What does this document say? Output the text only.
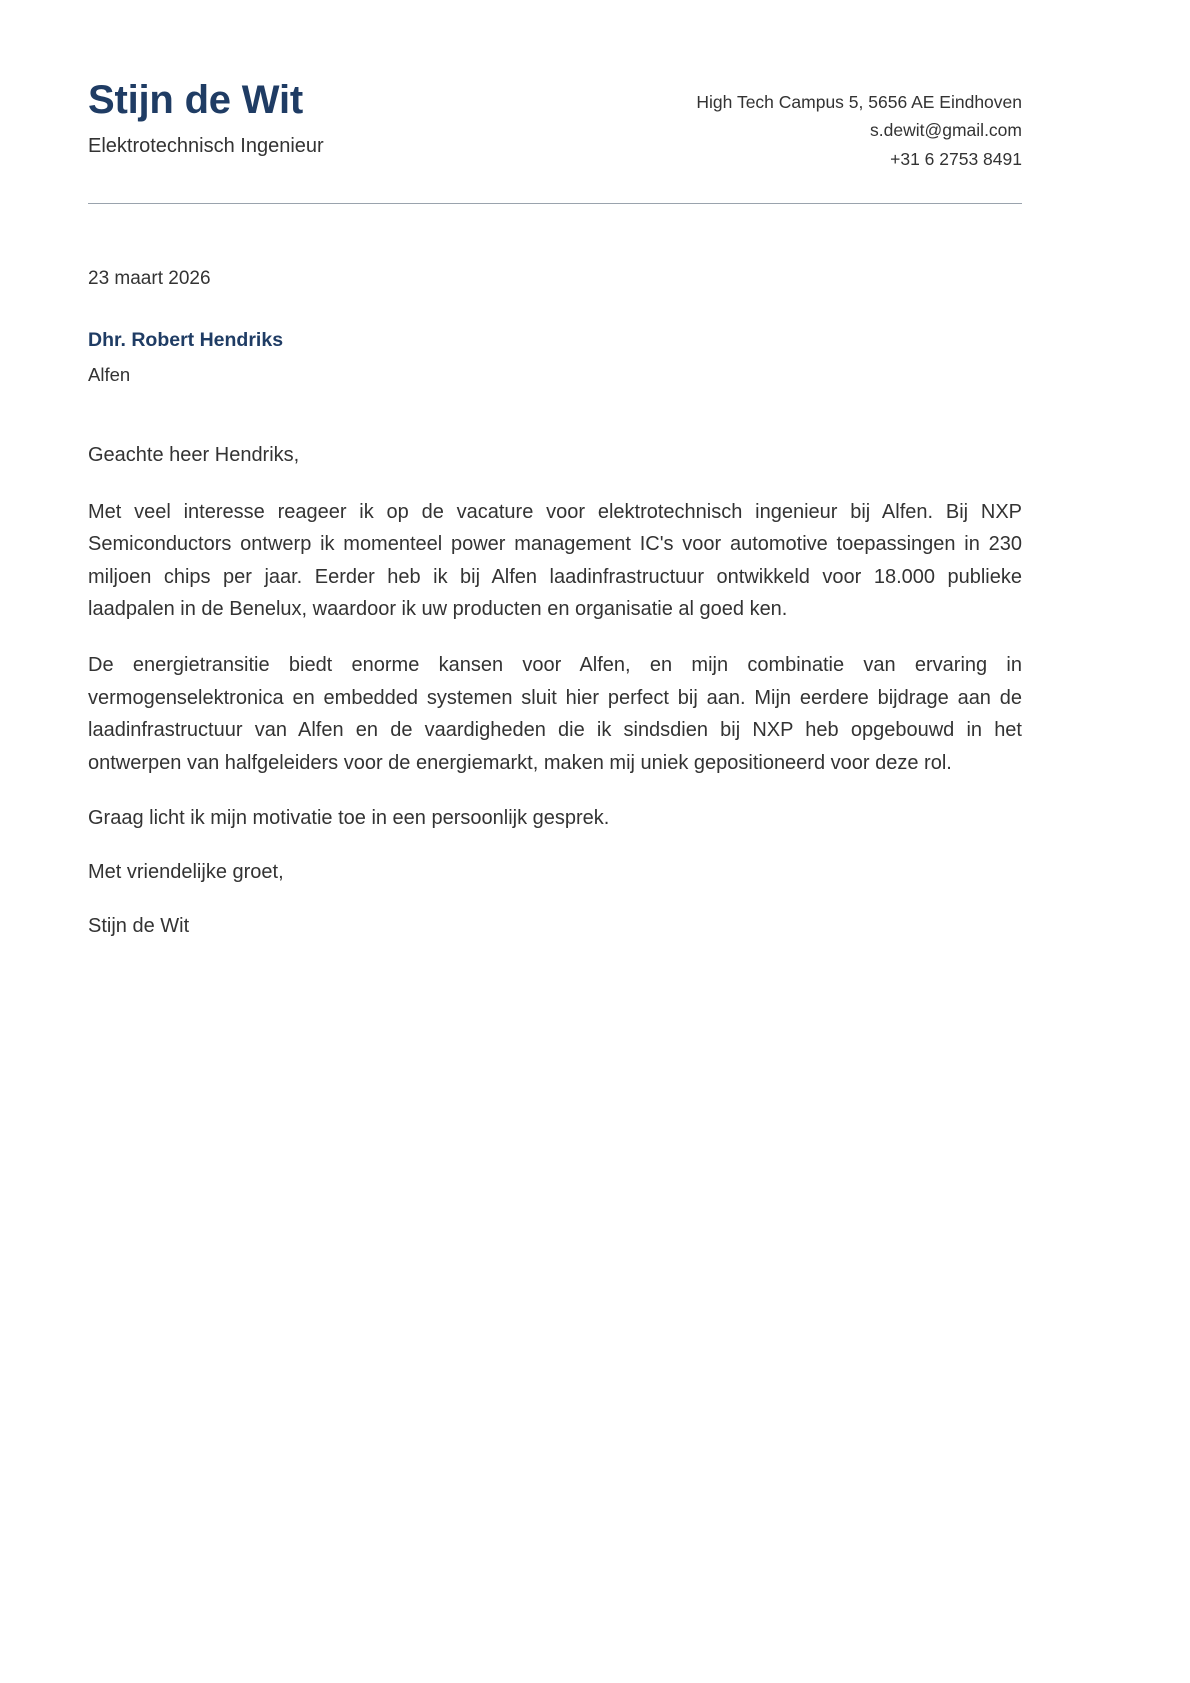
Stijn de Wit
Elektrotechnisch Ingenieur
High Tech Campus 5, 5656 AE Eindhoven
s.dewit@gmail.com
+31 6 2753 8491
23 maart 2026
Dhr. Robert Hendriks
Alfen

Geachte heer Hendriks,

Met veel interesse reageer ik op de vacature voor elektrotechnisch ingenieur bij Alfen. Bij NXP Semiconductors ontwerp ik momenteel power management IC's voor automotive toepassingen in 230 miljoen chips per jaar. Eerder heb ik bij Alfen laadinfrastructuur ontwikkeld voor 18.000 publieke laadpalen in de Benelux, waardoor ik uw producten en organisatie al goed ken.

De energietransitie biedt enorme kansen voor Alfen, en mijn combinatie van ervaring in vermogenselektronica en embedded systemen sluit hier perfect bij aan. Mijn eerdere bijdrage aan de laadinfrastructuur van Alfen en de vaardigheden die ik sindsdien bij NXP heb opgebouwd in het ontwerpen van halfgeleiders voor de energiemarkt, maken mij uniek gepositioneerd voor deze rol.

Graag licht ik mijn motivatie toe in een persoonlijk gesprek.

Met vriendelijke groet,

Stijn de Wit
